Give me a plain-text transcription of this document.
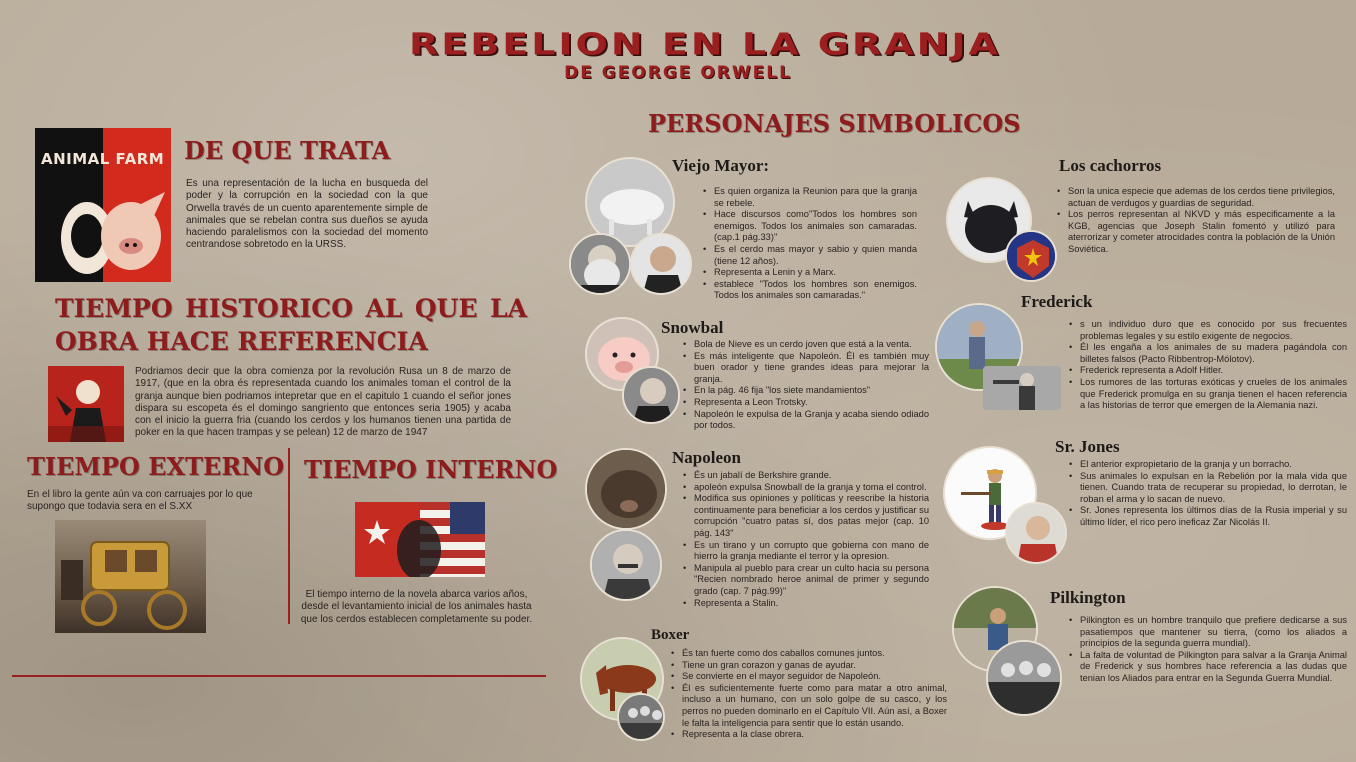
REBELION EN LA GRANJA
DE GEORGE ORWELL
ANIMAL FARM DE QUE TRATA
Es una representación de la lucha en busqueda del poder y la corrupción en la sociedad con la que Orwella través de un cuento aparentemente simple de animales que se rebelan contra sus dueños se ayuda haciendo paralelismos con la sociedad del momento centrandose sobretodo en la URSS.
TIEMPO HISTORICO AL QUE LA
OBRA HACE REFERENCIA
Podriamos decir que la obra comienza por la revolución Rusa un 8 de marzo de 1917, (que en la obra és representada cuando los animales toman el control de la granja aunque bien podriamos intepretar que en el capitulo 1 cuando el señor jones dispara su escopeta és el domingo sangriento que entonces seria 1905) y acaba con el inicio la guerra fria (cuando los cerdos y los humanos tienen una partida de poker en la que hacen trampas y se pelean) 12 de marzo de 1947
TIEMPO EXTERNO
En el libro la gente aún va con carruajes por lo que supongo que todavia sera en el S.XX
TIEMPO INTERNO
El tiempo interno de la novela abarca varios años, desde el levantamiento inicial de los animales hasta que los cerdos establecen completamente su poder.
PERSONAJES SIMBOLICOS
Viejo Mayor:
• Es quien organiza la Reunion para que la granja se rebele.
• Hace discursos como"Todos los hombres son enemigos. Todos los animales son camaradas. (cap.1 pág.33)"
• Es el cerdo mas mayor y sabio y quien manda (tiene 12 años).
• Representa a Lenin y a Marx.
• establece "Todos los hombres son enemigos. Todos los animales son camaradas."
Snowbal
• Bola de Nieve es un cerdo joven que está a la venta.
• Es más inteligente que Napoleón. Él es también muy buen orador y tiene grandes ideas para mejorar la granja.
• En la pág. 46 fija "los siete mandamientos"
• Representa a Leon Trotsky.
• Napoleón le expulsa de la Granja y acaba siendo odiado por todos.
Napoleon
• És un jabalí de Berkshire grande.
• apoleón expulsa Snowball de la granja y toma el control.
• Modifica sus opiniones y políticas y reescribe la historia continuamente para beneficiar a los cerdos y justificar su corrupción "cuatro patas sí, dos patas mejor (cap. 10 pág. 143"
• Es un tirano y un corrupto que gobierna con mano de hierro la granja mediante el terror y la opresion.
• Manipula al pueblo para crear un culto hacia su persona "Recien nombrado heroe animal de primer y segundo grado (cap. 7 pág.99)"
• Representa a Stalin.
Boxer
• És tan fuerte como dos caballos comunes juntos.
• Tiene un gran corazon y ganas de ayudar.
• Se convierte en el mayor seguidor de Napoleón.
• Él es suficientemente fuerte como para matar a otro animal, incluso a un humano, con un solo golpe de su casco, y los perros no pueden dominarlo en el Capítulo VII. Aún así, a Boxer le falta la inteligencia para sentir que lo están usando.
• Representa a la clase obrera.
Los cachorros
• Son la unica especie que ademas de los cerdos tiene privilegios, actuan de verdugos y guardias de seguridad.
• Los perros representan al NKVD y más especificamente a la KGB, agencias que Joseph Stalin fomentó y utilizó para aterrorizar y cometer atrocidades contra la población de la Unión Soviética.
Frederick
• s un individuo duro que es conocido por sus frecuentes problemas legales y su estilo exigente de negocios.
• Él les engaña a los animales de su madera pagándola con billetes falsos (Pacto Ribbentrop-Mólotov).
• Frederick representa a Adolf Hitler.
• Los rumores de las torturas exóticas y crueles de los animales que Frederick promulga en su granja tienen el hacen referencia a las historias de terror que emergen de la Alemania nazi.
Sr. Jones
• El anterior expropietario de la granja y un borracho.
• Sus animales lo expulsan en la Rebelión por la mala vida que tienen. Cuando trata de recuperar su propiedad, lo derrotan, le roban el arma y lo sacan de nuevo.
• Sr. Jones representa los últimos días de la Rusia imperial y su último líder, el rico pero ineficaz Zar Nicolás II.
Pilkington
• Pilkington es un hombre tranquilo que prefiere dedicarse a sus pasatiempos que mantener su tierra, (como los aliados a principios de la segunda guerra mundial).
• La falta de voluntad de Pilkington para salvar a la Granja Animal de Frederick y sus hombres hace referencia a las dudas que tenian los Aliados para entrar en la Segunda Guerra Mundial.
